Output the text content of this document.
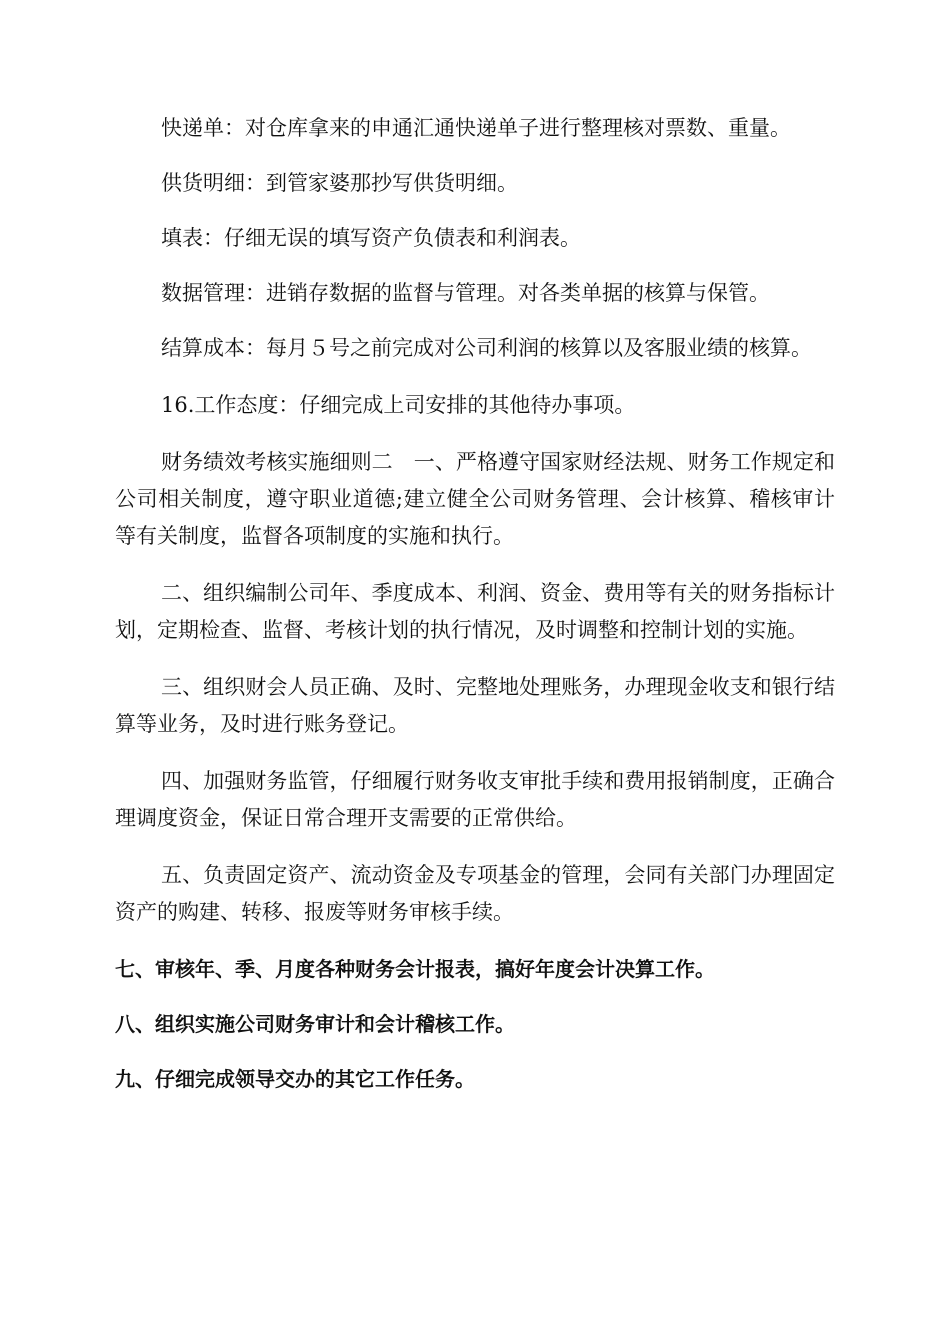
快递单：对仓库拿来的申通汇通快递单子进行整理核对票数、重量。

供货明细：到管家婆那抄写供货明细。

填表：仔细无误的填写资产负债表和利润表。

数据管理：进销存数据的监督与管理。对各类单据的核算与保管。

结算成本：每月５号之前完成对公司利润的核算以及客服业绩的核算。

16.工作态度：仔细完成上司安排的其他待办事项。

财务绩效考核实施细则二　一、严格遵守国家财经法规、财务工作规定和公司相关制度，遵守职业道德;建立健全公司财务管理、会计核算、稽核审计等有关制度，监督各项制度的实施和执行。

二、组织编制公司年、季度成本、利润、资金、费用等有关的财务指标计划，定期检查、监督、考核计划的执行情况，及时调整和控制计划的实施。

三、组织财会人员正确、及时、完整地处理账务，办理现金收支和银行结算等业务，及时进行账务登记。

四、加强财务监管，仔细履行财务收支审批手续和费用报销制度，正确合理调度资金，保证日常合理开支需要的正常供给。

五、负责固定资产、流动资金及专项基金的管理，会同有关部门办理固定资产的购建、转移、报废等财务审核手续。

七、审核年、季、月度各种财务会计报表，搞好年度会计决算工作。

八、组织实施公司财务审计和会计稽核工作。

九、仔细完成领导交办的其它工作任务。
